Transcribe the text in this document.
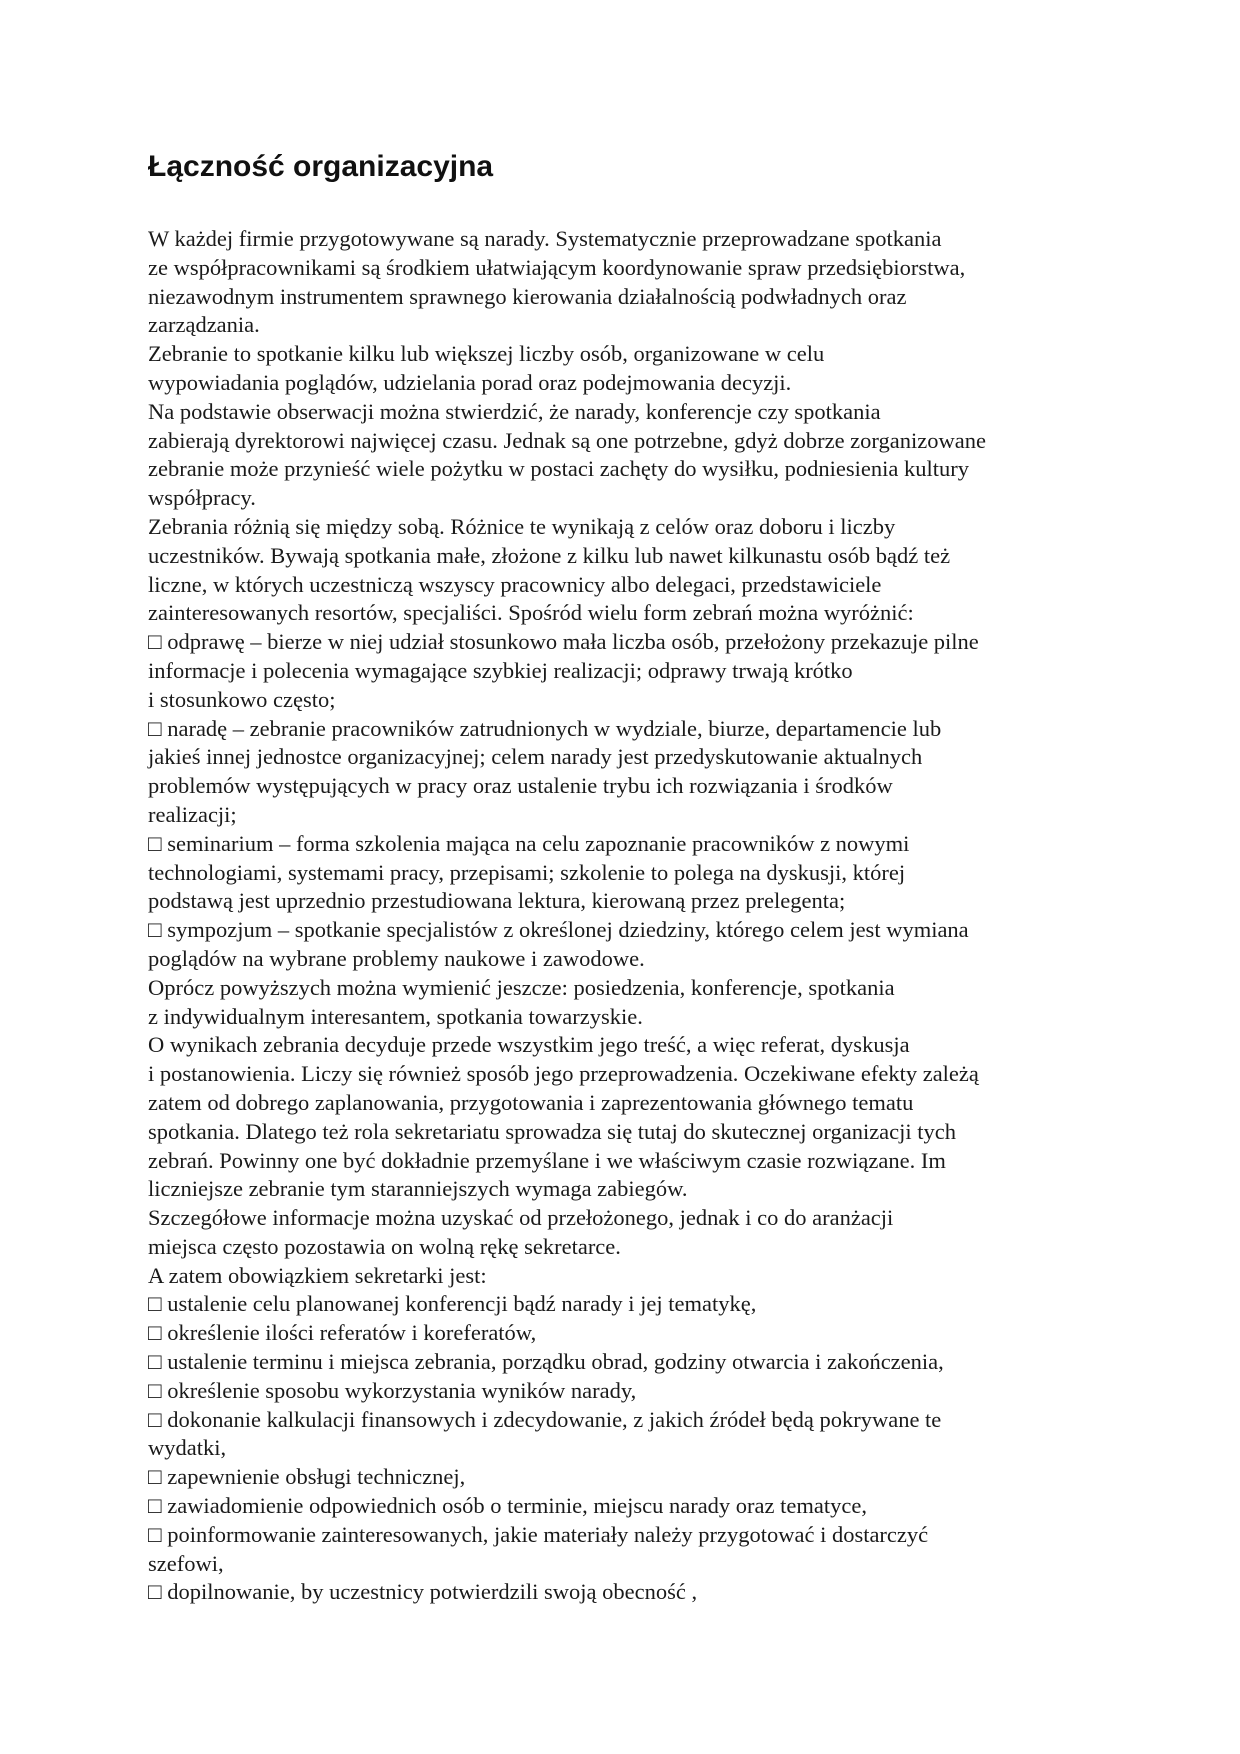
Łączność organizacyjna
W każdej firmie przygotowywane są narady. Systematycznie przeprowadzane spotkania
ze współpracownikami są środkiem ułatwiającym koordynowanie spraw przedsiębiorstwa,
niezawodnym instrumentem sprawnego kierowania działalnością podwładnych oraz
zarządzania.
Zebranie to spotkanie kilku lub większej liczby osób, organizowane w celu
wypowiadania poglądów, udzielania porad oraz podejmowania decyzji.
Na podstawie obserwacji można stwierdzić, że narady, konferencje czy spotkania
zabierają dyrektorowi najwięcej czasu. Jednak są one potrzebne, gdyż dobrze zorganizowane
zebranie może przynieść wiele pożytku w postaci zachęty do wysiłku, podniesienia kultury
współpracy.
Zebrania różnią się między sobą. Różnice te wynikają z celów oraz doboru i liczby
uczestników. Bywają spotkania małe, złożone z kilku lub nawet kilkunastu osób bądź też
liczne, w których uczestniczą wszyscy pracownicy albo delegaci, przedstawiciele
zainteresowanych resortów, specjaliści. Spośród wielu form zebrań można wyróżnić:
□ odprawę – bierze w niej udział stosunkowo mała liczba osób, przełożony przekazuje pilne
informacje i polecenia wymagające szybkiej realizacji; odprawy trwają krótko
i stosunkowo często;
□ naradę – zebranie pracowników zatrudnionych w wydziale, biurze, departamencie lub
jakieś innej jednostce organizacyjnej; celem narady jest przedyskutowanie aktualnych
problemów występujących w pracy oraz ustalenie trybu ich rozwiązania i środków
realizacji;
□ seminarium – forma szkolenia mająca na celu zapoznanie pracowników z nowymi
technologiami, systemami pracy, przepisami; szkolenie to polega na dyskusji, której
podstawą jest uprzednio przestudiowana lektura, kierowaną przez prelegenta;
□ sympozjum – spotkanie specjalistów z określonej dziedziny, którego celem jest wymiana
poglądów na wybrane problemy naukowe i zawodowe.
Oprócz powyższych można wymienić jeszcze: posiedzenia, konferencje, spotkania
z indywidualnym interesantem, spotkania towarzyskie.
O wynikach zebrania decyduje przede wszystkim jego treść, a więc referat, dyskusja
i postanowienia. Liczy się również sposób jego przeprowadzenia. Oczekiwane efekty zależą
zatem od dobrego zaplanowania, przygotowania i zaprezentowania głównego tematu
spotkania. Dlatego też rola sekretariatu sprowadza się tutaj do skutecznej organizacji tych
zebrań. Powinny one być dokładnie przemyślane i we właściwym czasie rozwiązane. Im
liczniejsze zebranie tym staranniejszych wymaga zabiegów.
Szczegółowe informacje można uzyskać od przełożonego, jednak i co do aranżacji
miejsca często pozostawia on wolną rękę sekretarce.
A zatem obowiązkiem sekretarki jest:
□ ustalenie celu planowanej konferencji bądź narady i jej tematykę,
□ określenie ilości referatów i koreferatów,
□ ustalenie terminu i miejsca zebrania, porządku obrad, godziny otwarcia i zakończenia,
□ określenie sposobu wykorzystania wyników narady,
□ dokonanie kalkulacji finansowych i zdecydowanie, z jakich źródeł będą pokrywane te
wydatki,
□ zapewnienie obsługi technicznej,
□ zawiadomienie odpowiednich osób o terminie, miejscu narady oraz tematyce,
□ poinformowanie zainteresowanych, jakie materiały należy przygotować i dostarczyć
szefowi,
□ dopilnowanie, by uczestnicy potwierdzili swoją obecność ,
